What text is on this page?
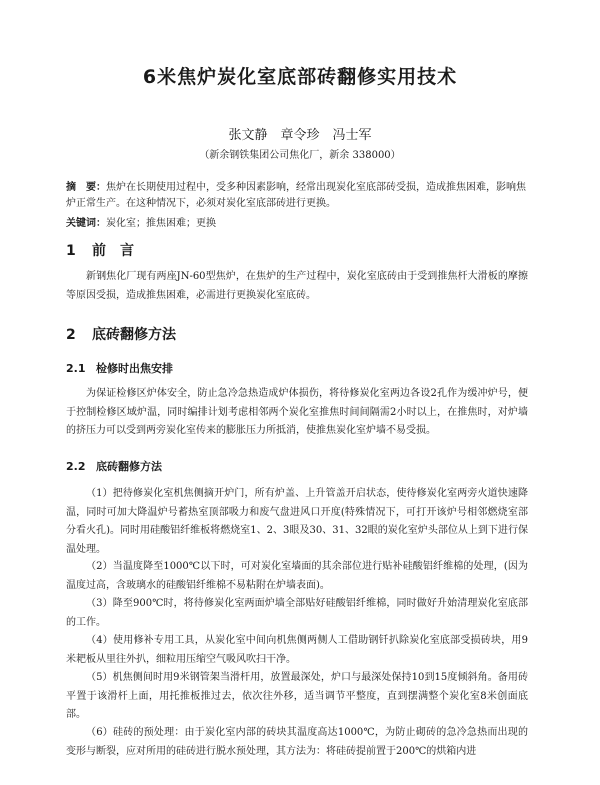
6米焦炉炭化室底部砖翻修实用技术
张文静　章令珍　冯士军
（新余钢铁集团公司焦化厂，新余 338000）
摘　要：焦炉在长期使用过程中，受多种因素影响，经常出现炭化室底部砖受损，造成推焦困难，影响焦炉正常生产。在这种情况下，必须对炭化室底部砖进行更换。
关键词：炭化室；推焦困难；更换
1 前　言

新钢焦化厂现有两座JN-60型焦炉，在焦炉的生产过程中，炭化室底砖由于受到推焦杆大滑板的摩擦等原因受损，造成推焦困难，必需进行更换炭化室底砖。

2 底砖翻修方法
2.1 检修时出焦安排

为保证检修区炉体安全，防止急冷急热造成炉体损伤，将待修炭化室两边各设2孔作为缓冲炉号，便于控制检修区域炉温，同时编排计划考虑相邻两个炭化室推焦时间间隔需2小时以上，在推焦时，对炉墙的挤压力可以受到两旁炭化室传来的膨胀压力所抵消，使推焦炭化室炉墙不易受损。

2.2 底砖翻修方法

（1）把待修炭化室机焦侧摘开炉门，所有炉盖、上升管盖开启状态，使待修炭化室两旁火道快速降温，同时可加大降温炉号蓄热室顶部吸力和废气盘进风口开度(特殊情况下，可打开该炉号相邻燃烧室部分看火孔)。同时用硅酸铝纤维板将燃烧室1、2、3眼及30、31、32眼的炭化室炉头部位从上到下进行保温处理。

（2）当温度降至1000℃以下时，可对炭化室墙面的其余部位进行贴补硅酸铝纤维棉的处理，(因为温度过高，含玻璃水的硅酸铝纤维棉不易粘附在炉墙表面)。

（3）降至900℃时，将待修炭化室两面炉墙全部贴好硅酸铝纤维棉，同时做好升始清理炭化室底部的工作。

（4）使用修补专用工具，从炭化室中间向机焦侧两侧人工借助钢钎扒除炭化室底部受损砖块，用9米耙板从里往外扒，细粒用压缩空气吸风吹扫干净。

（5）机焦侧间时用9米钢管架当滑杆用，放置最深处，炉口与最深处保持10到15度倾斜角。备用砖平置于该滑杆上面，用托推板推过去，依次往外移，适当调节平整度，直到摆满整个炭化室8米创面底部。

（6）硅砖的预处理：由于炭化室内部的砖块其温度高达1000℃，为防止砌砖的急冷急热而出现的变形与断裂，应对所用的硅砖进行脱水预处理，其方法为：将硅砖提前置于200℃的烘箱内进
